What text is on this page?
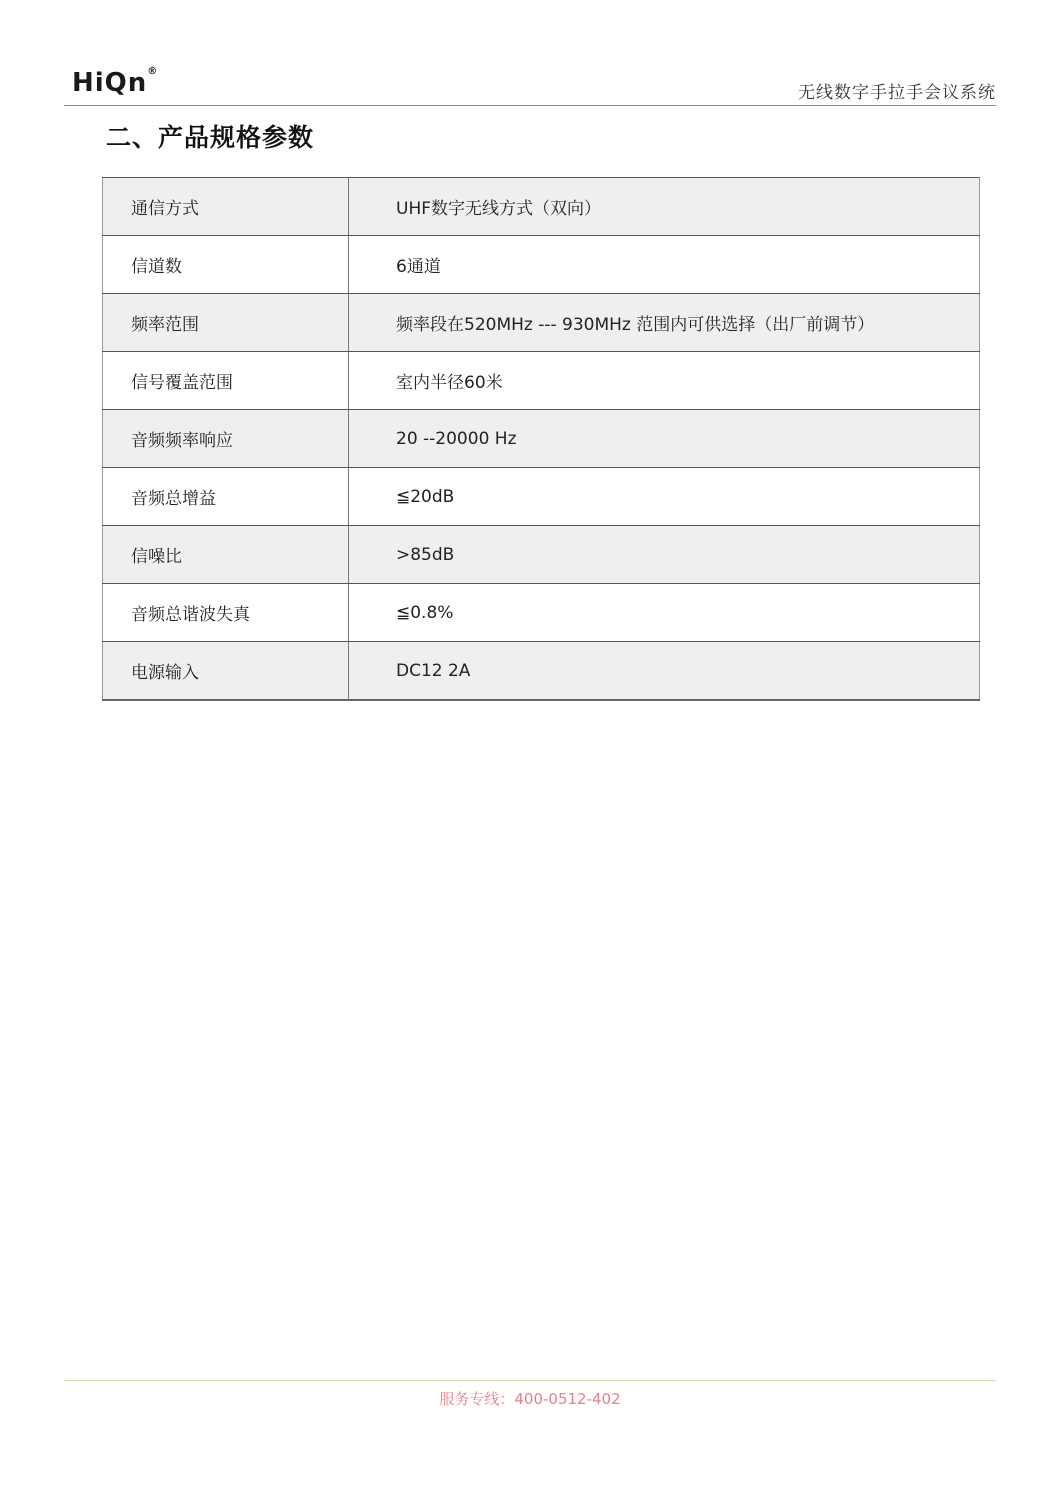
HiQn®
无线数字手拉手会议系统
二、产品规格参数
通信方式	UHF数字无线方式（双向）
信道数	6通道
频率范围	频率段在520MHz --- 930MHz 范围内可供选择（出厂前调节）
信号覆盖范围	室内半径60米
音频频率响应	20 --20000 Hz
音频总增益	≦20dB
信噪比	>85dB
音频总谐波失真	≦0.8%
电源输入	DC12 2A
服务专线：400-0512-402
